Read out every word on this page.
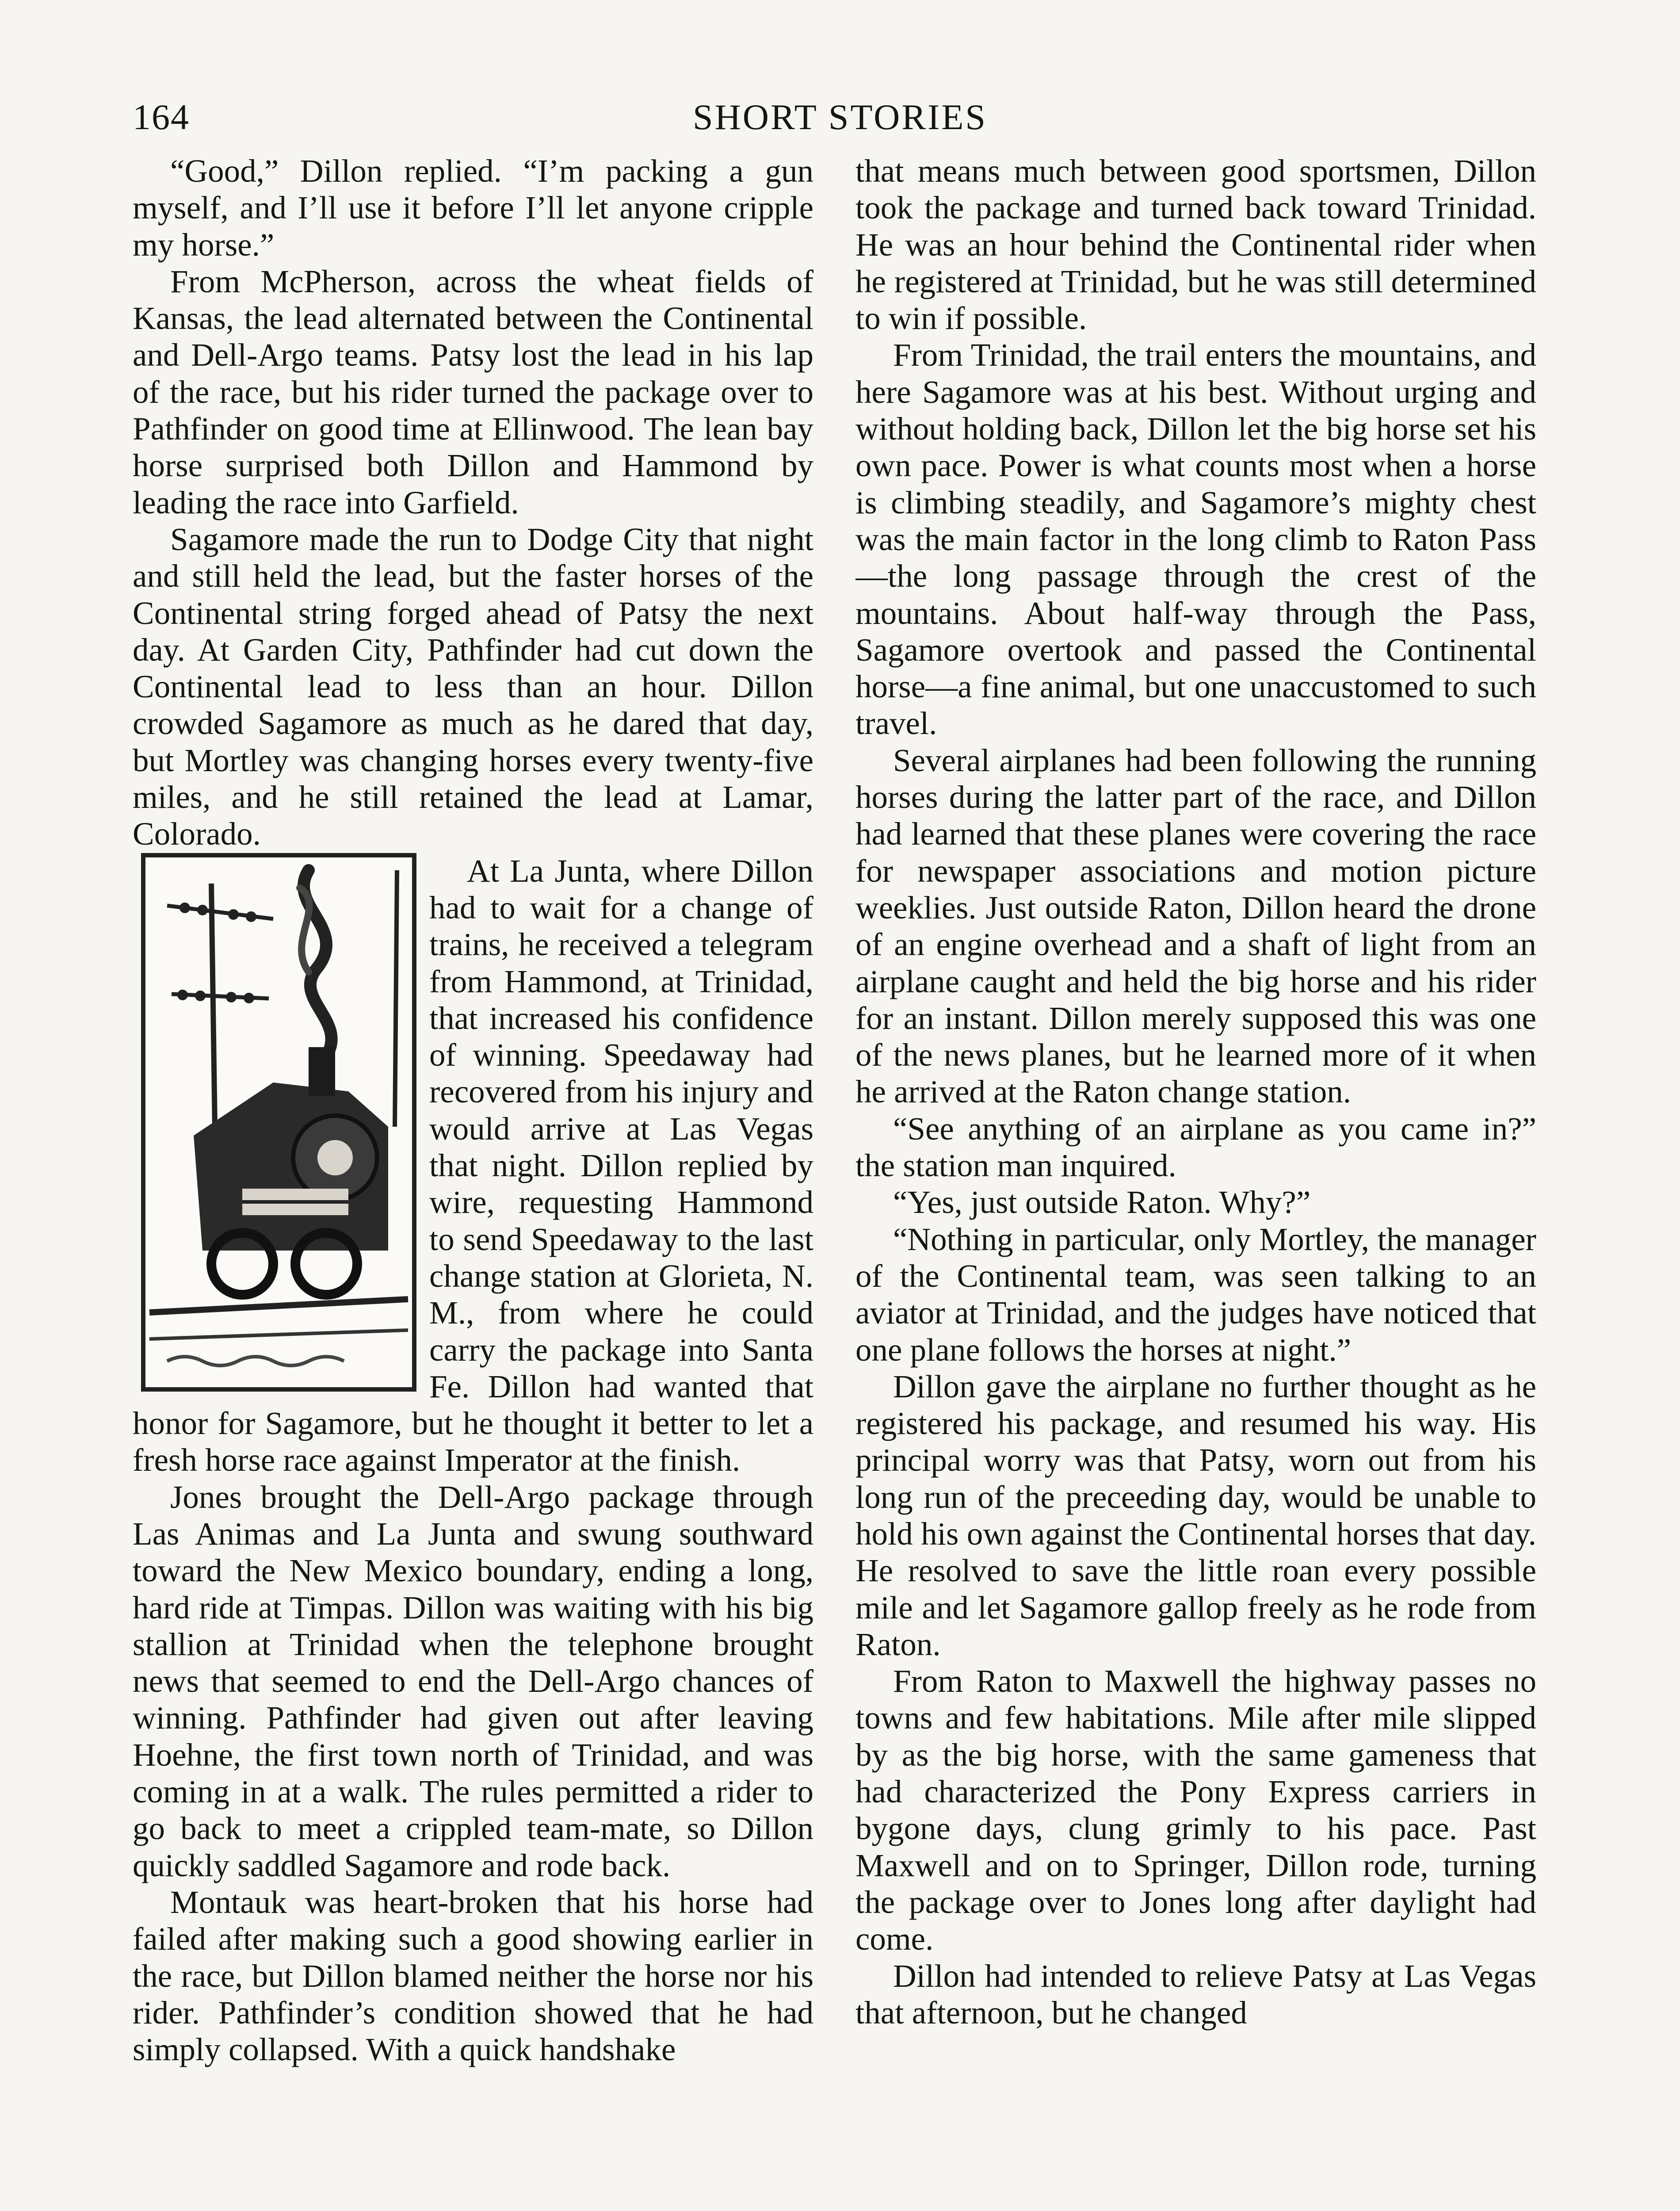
164	SHORT STORIES

“Good,” Dillon replied. “I’m packing a gun myself, and I’ll use it before I’ll let anyone cripple my horse.”

From McPherson, across the wheat fields of Kansas, the lead alternated between the Continental and Dell-Argo teams. Patsy lost the lead in his lap of the race, but his rider turned the package over to Pathfinder on good time at Ellinwood. The lean bay horse surprised both Dillon and Hammond by leading the race into Garfield.

Sagamore made the run to Dodge City that night and still held the lead, but the faster horses of the Continental string forged ahead of Patsy the next day. At Garden City, Pathfinder had cut down the Continental lead to less than an hour. Dillon crowded Sagamore as much as he dared that day, but Mortley was changing horses every twenty-five miles, and he still retained the lead at Lamar, Colorado.

At La Junta, where Dillon had to wait for a change of trains, he received a telegram from Hammond, at Trinidad, that increased his confidence of winning. Speedaway had recovered from his injury and would arrive at Las Vegas that night. Dillon replied by wire, requesting Hammond to send Speedaway to the last change station at Glorieta, N. M., from where he could carry the package into Santa Fe. Dillon had wanted that honor for Sagamore, but he thought it better to let a fresh horse race against Imperator at the finish.

Jones brought the Dell-Argo package through Las Animas and La Junta and swung southward toward the New Mexico boundary, ending a long, hard ride at Timpas. Dillon was waiting with his big stallion at Trinidad when the telephone brought news that seemed to end the Dell-Argo chances of winning. Pathfinder had given out after leaving Hoehne, the first town north of Trinidad, and was coming in at a walk. The rules permitted a rider to go back to meet a crippled team-mate, so Dillon quickly saddled Sagamore and rode back.

Montauk was heart-broken that his horse had failed after making such a good showing earlier in the race, but Dillon blamed neither the horse nor his rider. Pathfinder’s condition showed that he had simply collapsed. With a quick handshake

that means much between good sportsmen, Dillon took the package and turned back toward Trinidad. He was an hour behind the Continental rider when he registered at Trinidad, but he was still determined to win if possible.

From Trinidad, the trail enters the mountains, and here Sagamore was at his best. Without urging and without holding back, Dillon let the big horse set his own pace. Power is what counts most when a horse is climbing steadily, and Sagamore’s mighty chest was the main factor in the long climb to Raton Pass—the long passage through the crest of the mountains. About half-way through the Pass, Sagamore overtook and passed the Continental horse—a fine animal, but one unaccustomed to such travel.

Several airplanes had been following the running horses during the latter part of the race, and Dillon had learned that these planes were covering the race for newspaper associations and motion picture weeklies. Just outside Raton, Dillon heard the drone of an engine overhead and a shaft of light from an airplane caught and held the big horse and his rider for an instant. Dillon merely supposed this was one of the news planes, but he learned more of it when he arrived at the Raton change station.

“See anything of an airplane as you came in?” the station man inquired.

“Yes, just outside Raton. Why?”

“Nothing in particular, only Mortley, the manager of the Continental team, was seen talking to an aviator at Trinidad, and the judges have noticed that one plane follows the horses at night.”

Dillon gave the airplane no further thought as he registered his package, and resumed his way. His principal worry was that Patsy, worn out from his long run of the preceeding day, would be unable to hold his own against the Continental horses that day. He resolved to save the little roan every possible mile and let Sagamore gallop freely as he rode from Raton.

From Raton to Maxwell the highway passes no towns and few habitations. Mile after mile slipped by as the big horse, with the same gameness that had characterized the Pony Express carriers in bygone days, clung grimly to his pace. Past Maxwell and on to Springer, Dillon rode, turning the package over to Jones long after daylight had come.

Dillon had intended to relieve Patsy at Las Vegas that afternoon, but he changed
